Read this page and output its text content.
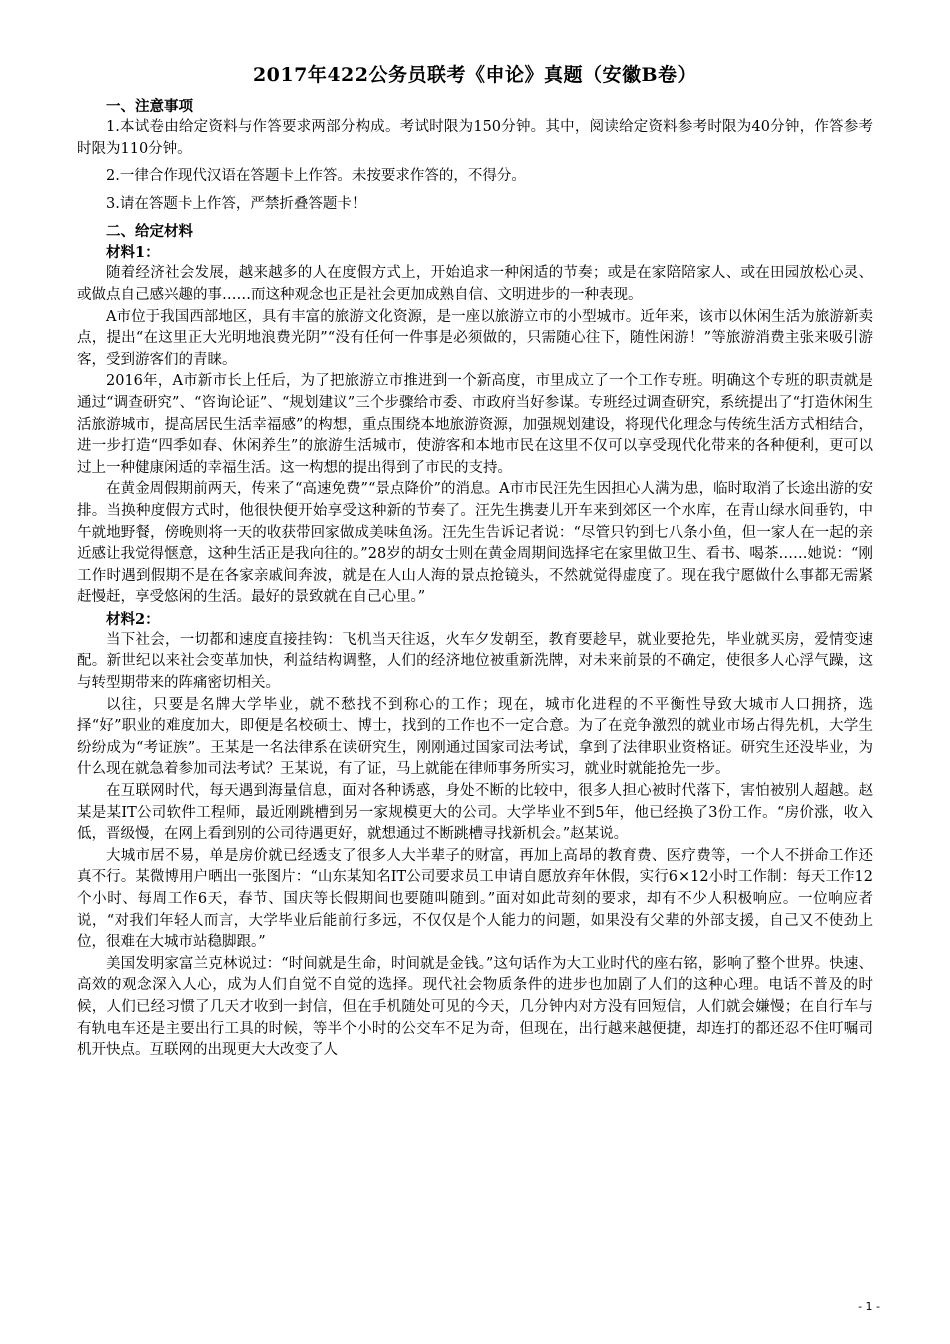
2017年422公务员联考《申论》真题（安徽B卷）

一、注意事项

1.本试卷由给定资料与作答要求两部分构成。考试时限为150分钟。其中，阅读给定资料参考时限为40分钟，作答参考时限为110分钟。

2.一律合作现代汉语在答题卡上作答。未按要求作答的，不得分。

3.请在答题卡上作答，严禁折叠答题卡！

二、给定材料

材料1：

随着经济社会发展，越来越多的人在度假方式上，开始追求一种闲适的节奏；或是在家陪陪家人、或在田园放松心灵、或做点自己感兴趣的事……而这种观念也正是社会更加成熟自信、文明进步的一种表现。

A市位于我国西部地区，具有丰富的旅游文化资源，是一座以旅游立市的小型城市。近年来，该市以休闲生活为旅游新卖点，提出“在这里正大光明地浪费光阴”“没有任何一件事是必须做的，只需随心往下，随性闲游！”等旅游消费主张来吸引游客，受到游客们的青睐。

2016年，A市新市长上任后，为了把旅游立市推进到一个新高度，市里成立了一个工作专班。明确这个专班的职责就是通过“调查研究”、“咨询论证”、“规划建议”三个步骤给市委、市政府当好参谋。专班经过调查研究，系统提出了“打造休闲生活旅游城市，提高居民生活幸福感”的构想，重点围绕本地旅游资源，加强规划建设，将现代化理念与传统生活方式相结合，进一步打造“四季如春、休闲养生”的旅游生活城市，使游客和本地市民在这里不仅可以享受现代化带来的各种便利，更可以过上一种健康闲适的幸福生活。这一构想的提出得到了市民的支持。

在黄金周假期前两天，传来了“高速免费”“景点降价”的消息。A市市民汪先生因担心人满为患，临时取消了长途出游的安排。当换种度假方式时，他很快便开始享受这种新的节奏了。汪先生携妻儿开车来到郊区一个水库，在青山绿水间垂钓，中午就地野餐，傍晚则将一天的收获带回家做成美味鱼汤。汪先生告诉记者说：“尽管只钓到七八条小鱼，但一家人在一起的亲近感让我觉得惬意，这种生活正是我向往的。”28岁的胡女士则在黄金周期间选择宅在家里做卫生、看书、喝茶……她说：“刚工作时遇到假期不是在各家亲戚间奔波，就是在人山人海的景点抢镜头，不然就觉得虚度了。现在我宁愿做什么事都无需紧赶慢赶，享受悠闲的生活。最好的景致就在自己心里。”

材料2：

当下社会，一切都和速度直接挂钩：飞机当天往返，火车夕发朝至，教育要趁早，就业要抢先，毕业就买房，爱情变速配。新世纪以来社会变革加快，利益结构调整，人们的经济地位被重新洗牌，对未来前景的不确定，使很多人心浮气躁，这与转型期带来的阵痛密切相关。

以往，只要是名牌大学毕业，就不愁找不到称心的工作；现在，城市化进程的不平衡性导致大城市人口拥挤，选择“好”职业的难度加大，即便是名校硕士、博士，找到的工作也不一定合意。为了在竞争激烈的就业市场占得先机，大学生纷纷成为“考证族”。王某是一名法律系在读研究生，刚刚通过国家司法考试，拿到了法律职业资格证。研究生还没毕业，为什么现在就急着参加司法考试？王某说，有了证，马上就能在律师事务所实习，就业时就能抢先一步。

在互联网时代，每天遇到海量信息，面对各种诱惑，身处不断的比较中，很多人担心被时代落下，害怕被别人超越。赵某是某IT公司软件工程师，最近刚跳槽到另一家规模更大的公司。大学毕业不到5年，他已经换了3份工作。“房价涨，收入低，晋级慢，在网上看到别的公司待遇更好，就想通过不断跳槽寻找新机会。”赵某说。

大城市居不易，单是房价就已经透支了很多人大半辈子的财富，再加上高昂的教育费、医疗费等，一个人不拼命工作还真不行。某微博用户晒出一张图片：“山东某知名IT公司要求员工申请自愿放弃年休假，实行6×12小时工作制：每天工作12个小时、每周工作6天，春节、国庆等长假期间也要随叫随到。”面对如此苛刻的要求，却有不少人积极响应。一位响应者说，“对我们年轻人而言，大学毕业后能前行多远，不仅仅是个人能力的问题，如果没有父辈的外部支援，自己又不使劲上位，很难在大城市站稳脚跟。”

美国发明家富兰克林说过：“时间就是生命，时间就是金钱。”这句话作为大工业时代的座右铭，影响了整个世界。快速、高效的观念深入人心，成为人们自觉不自觉的选择。现代社会物质条件的进步也加剧了人们的这种心理。电话不普及的时候，人们已经习惯了几天才收到一封信，但在手机随处可见的今天，几分钟内对方没有回短信，人们就会嫌慢；在自行车与有轨电车还是主要出行工具的时候，等半个小时的公交车不足为奇，但现在，出行越来越便捷，却连打的都还忍不住叮嘱司机开快点。互联网的出现更大大改变了人

- 1 -
